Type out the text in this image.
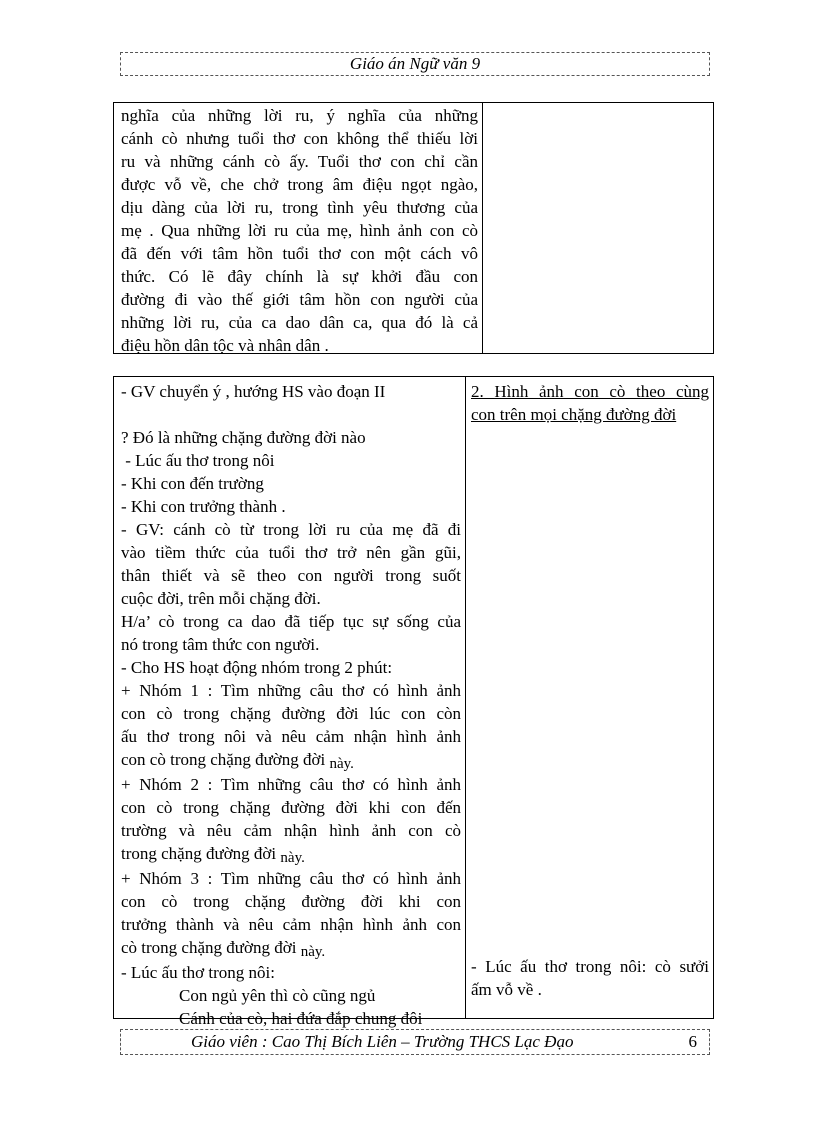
Giáo án Ngữ văn 9
nghĩa của những lời ru, ý nghĩa của những
cánh cò nhưng tuổi thơ con không thể thiếu lời
ru và những cánh cò ấy. Tuổi thơ con chỉ cần
được vỗ về, che chở trong âm điệu ngọt ngào,
dịu dàng của lời ru, trong tình yêu thương của
mẹ . Qua những lời ru của mẹ, hình ảnh con cò
đã đến với tâm hồn tuổi thơ con một cách vô
thức. Có lẽ đây chính là sự khởi đầu con
đường đi vào thế giới tâm hồn con người của
những lời ru, của ca dao dân ca, qua đó là cả
điệu hồn dân tộc và nhân dân .
- GV chuyển ý , hướng HS vào đoạn II

? Đó là những chặng đường đời nào
- Lúc ấu thơ trong nôi
- Khi con đến trường
- Khi con trưởng thành .
- GV: cánh cò từ trong lời ru của mẹ đã đi
vào tiềm thức của tuổi thơ trở nên gần gũi,
thân thiết và sẽ theo con người trong suốt
cuộc đời, trên mỗi chặng đời.
H/a’ cò trong ca dao đã tiếp tục sự sống của
nó trong tâm thức con người.
- Cho HS hoạt động nhóm trong 2 phút:
+ Nhóm 1 : Tìm những câu thơ có hình ảnh
con cò trong chặng đường đời lúc con còn
ấu thơ trong nôi và nêu cảm nhận hình ảnh
con cò trong chặng đường đời này.
+ Nhóm 2 : Tìm những câu thơ có hình ảnh
con cò trong chặng đường đời khi con đến
trường và nêu cảm nhận hình ảnh con cò
trong chặng đường đời này.
+ Nhóm 3 : Tìm những câu thơ có hình ảnh
con cò trong chặng đường đời khi con
trưởng thành và nêu cảm nhận hình ảnh con
cò trong chặng đường đời này.
- Lúc ấu thơ trong nôi:
Con ngủ yên thì cò cũng ngủ
Cánh của cò, hai đứa đắp chung đôi
2. Hình ảnh con cò theo cùng
con trên mọi chặng đường đời
- Lúc ấu thơ trong nôi: cò sưởi
ấm vỗ về .
Giáo viên : Cao Thị Bích Liên – Trường THCS Lạc Đạo	6
